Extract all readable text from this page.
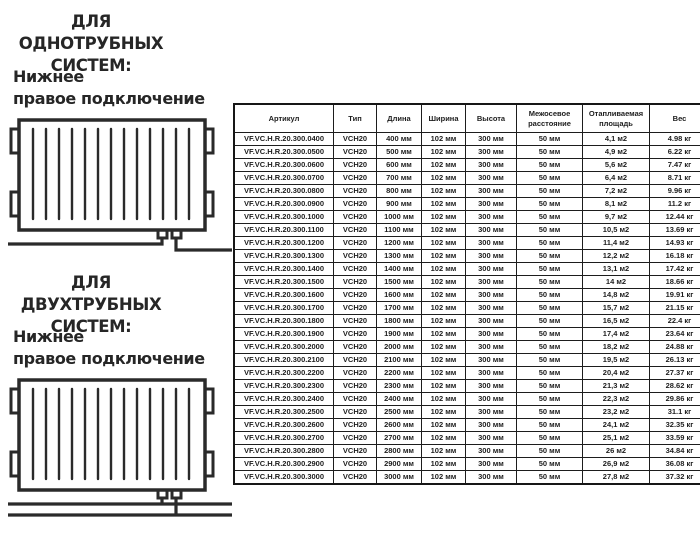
ДЛЯ ОДНОТРУБНЫХ
СИСТЕМ:
Нижнее
правое подключение
ДЛЯ ДВУХТРУБНЫХ
СИСТЕМ:
Нижнее
правое подключение
Артикул	Тип	Длина	Ширина	Высота	Межосевое расстояние	Отапливаемая площадь	Вес
VF.VC.H.R.20.300.0400	VCH20	400 мм	102 мм	300 мм	50 мм	4,1 м2	4.98 кг
VF.VC.H.R.20.300.0500	VCH20	500 мм	102 мм	300 мм	50 мм	4,9 м2	6.22 кг
VF.VC.H.R.20.300.0600	VCH20	600 мм	102 мм	300 мм	50 мм	5,6 м2	7.47 кг
VF.VC.H.R.20.300.0700	VCH20	700 мм	102 мм	300 мм	50 мм	6,4 м2	8.71 кг
VF.VC.H.R.20.300.0800	VCH20	800 мм	102 мм	300 мм	50 мм	7,2 м2	9.96 кг
VF.VC.H.R.20.300.0900	VCH20	900 мм	102 мм	300 мм	50 мм	8,1 м2	11.2 кг
VF.VC.H.R.20.300.1000	VCH20	1000 мм	102 мм	300 мм	50 мм	9,7 м2	12.44 кг
VF.VC.H.R.20.300.1100	VCH20	1100 мм	102 мм	300 мм	50 мм	10,5 м2	13.69 кг
VF.VC.H.R.20.300.1200	VCH20	1200 мм	102 мм	300 мм	50 мм	11,4 м2	14.93 кг
VF.VC.H.R.20.300.1300	VCH20	1300 мм	102 мм	300 мм	50 мм	12,2 м2	16.18 кг
VF.VC.H.R.20.300.1400	VCH20	1400 мм	102 мм	300 мм	50 мм	13,1 м2	17.42 кг
VF.VC.H.R.20.300.1500	VCH20	1500 мм	102 мм	300 мм	50 мм	14 м2	18.66 кг
VF.VC.H.R.20.300.1600	VCH20	1600 мм	102 мм	300 мм	50 мм	14,8 м2	19.91 кг
VF.VC.H.R.20.300.1700	VCH20	1700 мм	102 мм	300 мм	50 мм	15,7 м2	21.15 кг
VF.VC.H.R.20.300.1800	VCH20	1800 мм	102 мм	300 мм	50 мм	16,5 м2	22.4 кг
VF.VC.H.R.20.300.1900	VCH20	1900 мм	102 мм	300 мм	50 мм	17,4 м2	23.64 кг
VF.VC.H.R.20.300.2000	VCH20	2000 мм	102 мм	300 мм	50 мм	18,2 м2	24.88 кг
VF.VC.H.R.20.300.2100	VCH20	2100 мм	102 мм	300 мм	50 мм	19,5 м2	26.13 кг
VF.VC.H.R.20.300.2200	VCH20	2200 мм	102 мм	300 мм	50 мм	20,4 м2	27.37 кг
VF.VC.H.R.20.300.2300	VCH20	2300 мм	102 мм	300 мм	50 мм	21,3 м2	28.62 кг
VF.VC.H.R.20.300.2400	VCH20	2400 мм	102 мм	300 мм	50 мм	22,3 м2	29.86 кг
VF.VC.H.R.20.300.2500	VCH20	2500 мм	102 мм	300 мм	50 мм	23,2 м2	31.1 кг
VF.VC.H.R.20.300.2600	VCH20	2600 мм	102 мм	300 мм	50 мм	24,1 м2	32.35 кг
VF.VC.H.R.20.300.2700	VCH20	2700 мм	102 мм	300 мм	50 мм	25,1 м2	33.59 кг
VF.VC.H.R.20.300.2800	VCH20	2800 мм	102 мм	300 мм	50 мм	26 м2	34.84 кг
VF.VC.H.R.20.300.2900	VCH20	2900 мм	102 мм	300 мм	50 мм	26,9 м2	36.08 кг
VF.VC.H.R.20.300.3000	VCH20	3000 мм	102 мм	300 мм	50 мм	27,8 м2	37.32 кг
